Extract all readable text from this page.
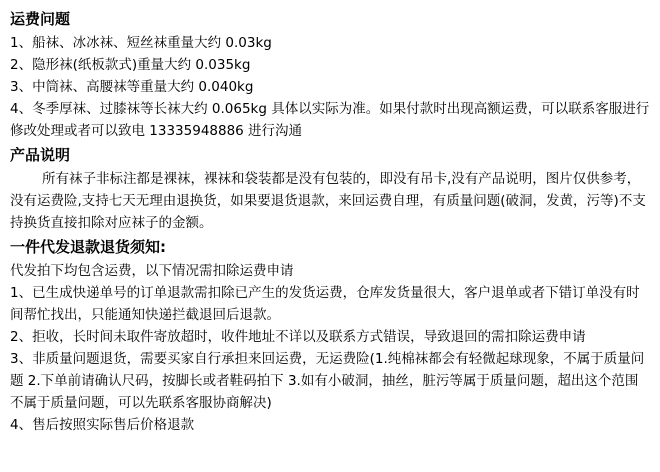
运费问题

1、船袜、冰冰袜、短丝袜重量大约 0.03kg

2、隐形袜(纸板款式)重量大约 0.035kg

3、中筒袜、高腰袜等重量大约 0.040kg

4、冬季厚袜、过膝袜等长袜大约 0.065kg 具体以实际为准。如果付款时出现高额运费，可以联系客服进行修改处理或者可以致电 13335948886 进行沟通

产品说明

所有袜子非标注都是裸袜，裸袜和袋装都是没有包装的，即没有吊卡,没有产品说明，图片仅供参考，没有运费险,支持七天无理由退换货，如果要退货退款，来回运费自理，有质量问题(破洞，发黄，污等)不支持换货直接扣除对应袜子的金额。

一件代发退款退货须知:

代发拍下均包含运费，以下情况需扣除运费申请

1、已生成快递单号的订单退款需扣除已产生的发货运费，仓库发货量很大，客户退单或者下错订单没有时间帮忙找出，只能通知快递拦截退回后退款。

2、拒收，长时间未取件寄放超时，收件地址不详以及联系方式错误，导致退回的需扣除运费申请

3、非质量问题退货，需要买家自行承担来回运费，无运费险(1.纯棉袜都会有轻微起球现象，不属于质量问题 2.下单前请确认尺码，按脚长或者鞋码拍下 3.如有小破洞，抽丝，脏污等属于质量问题，超出这个范围不属于质量问题，可以先联系客服协商解决)

4、售后按照实际售后价格退款
